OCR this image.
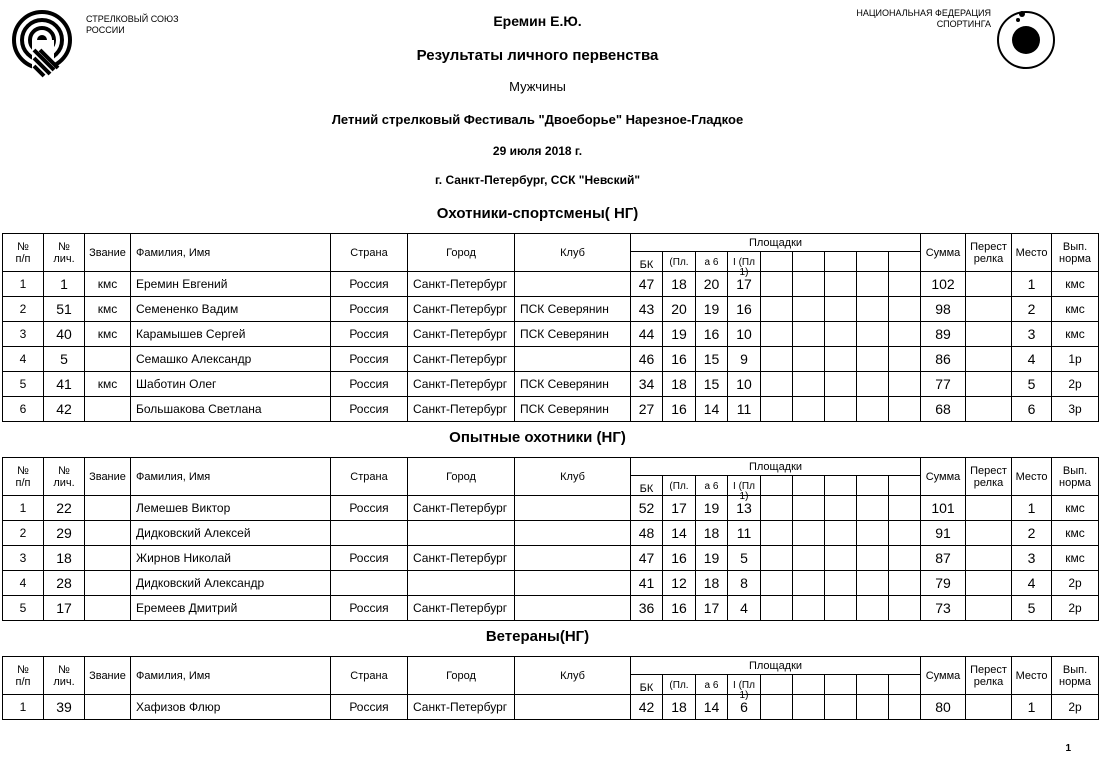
СТРЕЛКОВЫЙ СОЮЗ
РОССИИ
НАЦИОНАЛЬНАЯ ФЕДЕРАЦИЯ
СПОРТИНГА
Еремин Е.Ю.
Результаты личного первенства
Мужчины
Летний стрелковый Фестиваль "Двоеборье" Нарезное-Гладкое
29 июля 2018 г.
г. Санкт-Петербург, ССК "Невский"
Охотники-спортсмены( НГ)
№
п/п	№
лич.	Звание	Фамилия, Имя	Страна	Город	Клуб	Площадки									Сумма	Перест
релка	Место	Вып.
норма
							БК	(Пл.	а 6	I (Пл
1)									

1	1	кмс	Еремин Евгений	Россия	Санкт-Петербург		47	18	20	17						102		1	кмс
2	51	кмс	Семененко Вадим	Россия	Санкт-Петербург	ПСК Северянин	43	20	19	16						98		2	кмс
3	40	кмс	Карамышев Сергей	Россия	Санкт-Петербург	ПСК Северянин	44	19	16	10						89		3	кмс
4	5		Семашко Александр	Россия	Санкт-Петербург		46	16	15	9						86		4	1р
5	41	кмс	Шаботин Олег	Россия	Санкт-Петербург	ПСК Северянин	34	18	15	10						77		5	2р
6	42		Большакова Светлана	Россия	Санкт-Петербург	ПСК Северянин	27	16	14	11						68		6	3р
Опытные охотники (НГ)
№
п/п	№
лич.	Звание	Фамилия, Имя	Страна	Город	Клуб	Площадки									Сумма	Перест
релка	Место	Вып.
норма
							БК	(Пл.	а 6	I (Пл
1)									

1	22		Лемешев Виктор	Россия	Санкт-Петербург		52	17	19	13						101		1	кмс
2	29		Дидковский Алексей				48	14	18	11						91		2	кмс
3	18		Жирнов Николай	Россия	Санкт-Петербург		47	16	19	5						87		3	кмс
4	28		Дидковский Александр				41	12	18	8						79		4	2р
5	17		Еремеев Дмитрий	Россия	Санкт-Петербург		36	16	17	4						73		5	2р
Ветераны(НГ)
№
п/п	№
лич.	Звание	Фамилия, Имя	Страна	Город	Клуб	Площадки									Сумма	Перест
релка	Место	Вып.
норма
							БК	(Пл.	а 6	I (Пл
1)									

1	39		Хафизов Флюр	Россия	Санкт-Петербург		42	18	14	6						80		1	2р
1
